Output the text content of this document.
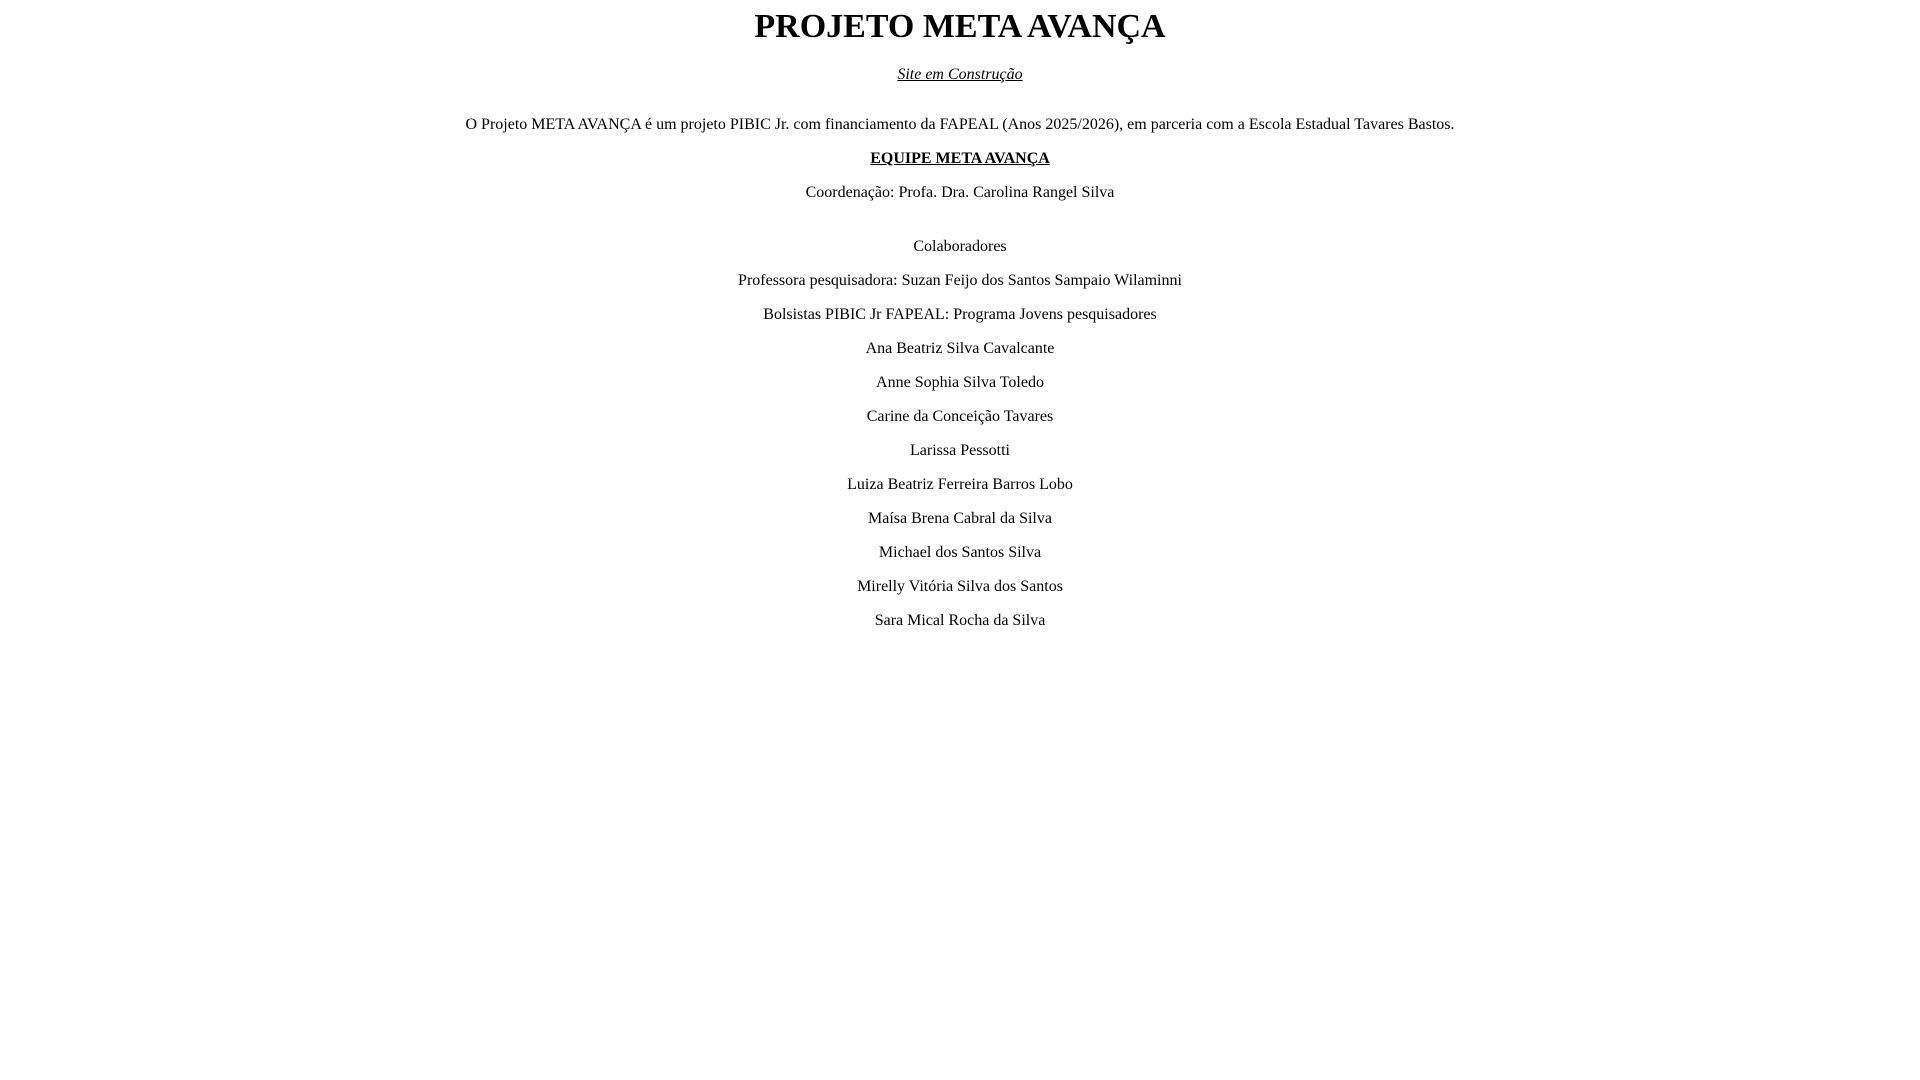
PROJETO META AVANÇA
Site em Construção
O Projeto META AVANÇA é um projeto PIBIC Jr. com financiamento da FAPEAL (Anos 2025/2026), em parceria com a Escola Estadual Tavares Bastos.
EQUIPE META AVANÇA
Coordenação: Profa. Dra. Carolina Rangel Silva
Colaboradores
Professora pesquisadora: Suzan Feijo dos Santos Sampaio Wilaminni
Bolsistas PIBIC Jr FAPEAL: Programa Jovens pesquisadores
Ana Beatriz Silva Cavalcante
Anne Sophia Silva Toledo
Carine da Conceição Tavares
Larissa Pessotti
Luiza Beatriz Ferreira Barros Lobo
Maísa Brena Cabral da Silva
Michael dos Santos Silva
Mirelly Vitória Silva dos Santos
Sara Mical Rocha da Silva
